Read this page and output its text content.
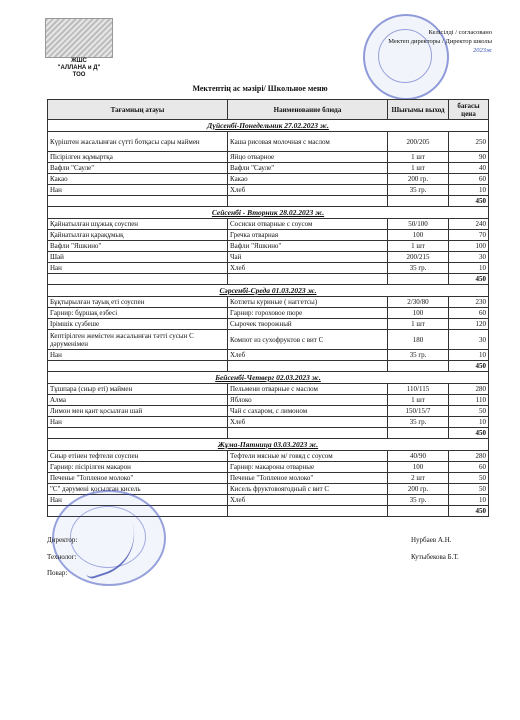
ЖШС
"АЛЛАНА и Д"
ТОО
Келісілді / согласовано
Мектеп директоры / Директор школы
2023ж
Мектептің ас мәзірі/ Школьное меню
Тағамның атауы	Наименование блюда	Шығымы выход	бағасы цена
Дүйсенбі-Понедельник 27.02.2023 ж.			
Күріштен жасалынған сүтті ботқасы сары маймен	Каша рисовая молочная с маслом	200/205	250
Пісірілген жұмыртқа	Яйцо отварное	1 шт	90
Вафли "Сауле"	Вафли "Сауле"	1 шт	40
Какао	Какао	200 гр.	60
Нан	Хлеб	35 гр.	10
			450
Сейсенбі - Вторник 28.02.2023 ж.			
Қайнатылған шұжық соуспен	Сосиски отварные с соусом	50/100	240
Қайнатылған қарақұмық	Гречка отварная	100	70
Вафли "Яшкино"	Вафли "Яшкино"	1 шт	100
Шай	Чай	200/215	30
Нан	Хлеб	35 гр.	10
			450
Сәрсенбі-Среда 01.03.2023 ж.			
Бұқтырылған тауық еті соуспен	Котлеты куриные ( наггетсы)	2/30/80	230
Гарнир: бұршақ езбесі	Гарнир: гороховое пюре	100	60
Ірімшік сүзбеше	Сырочек творожный	1 шт	120
Кептірілген жемістен жасалынған тәтті сусын С дәруменімен	Компот из сухофруктов с вит С	180	30
Нан	Хлеб	35 гр.	10
			450
Бейсенбі-Четверг 02.03.2023 ж.			
Тұшпара (сиыр еті) маймен	Пельмени отварные с маслом	110/115	280
Алма	Яблоко	1 шт	110
Лимон мен қант қосылған шай	Чай с сахаром, с лимоном	150/15/7	50
Нан	Хлеб	35 гр.	10
			450
Жұма-Пятница 03.03.2023 ж.			
Сиыр етінен тефтели соуспен	Тефтели мясные м/ говяд с соусом	40/90	280
Гарнир: пісірілген макарон	Гарнир: макароны отварные	100	60
Печенье "Топленое молоко"	Печенье "Топленое молоко"	2 шт	50
"С" дәрумені қосылған кисель	Кисель фруктовоягодный с вит С	200 гр.	50
Нан	Хлеб	35 гр.	10
			450
Директор:
Технолог:
Повар:
Нурбаев А.Н.
Кутыбекова Б.Т.
